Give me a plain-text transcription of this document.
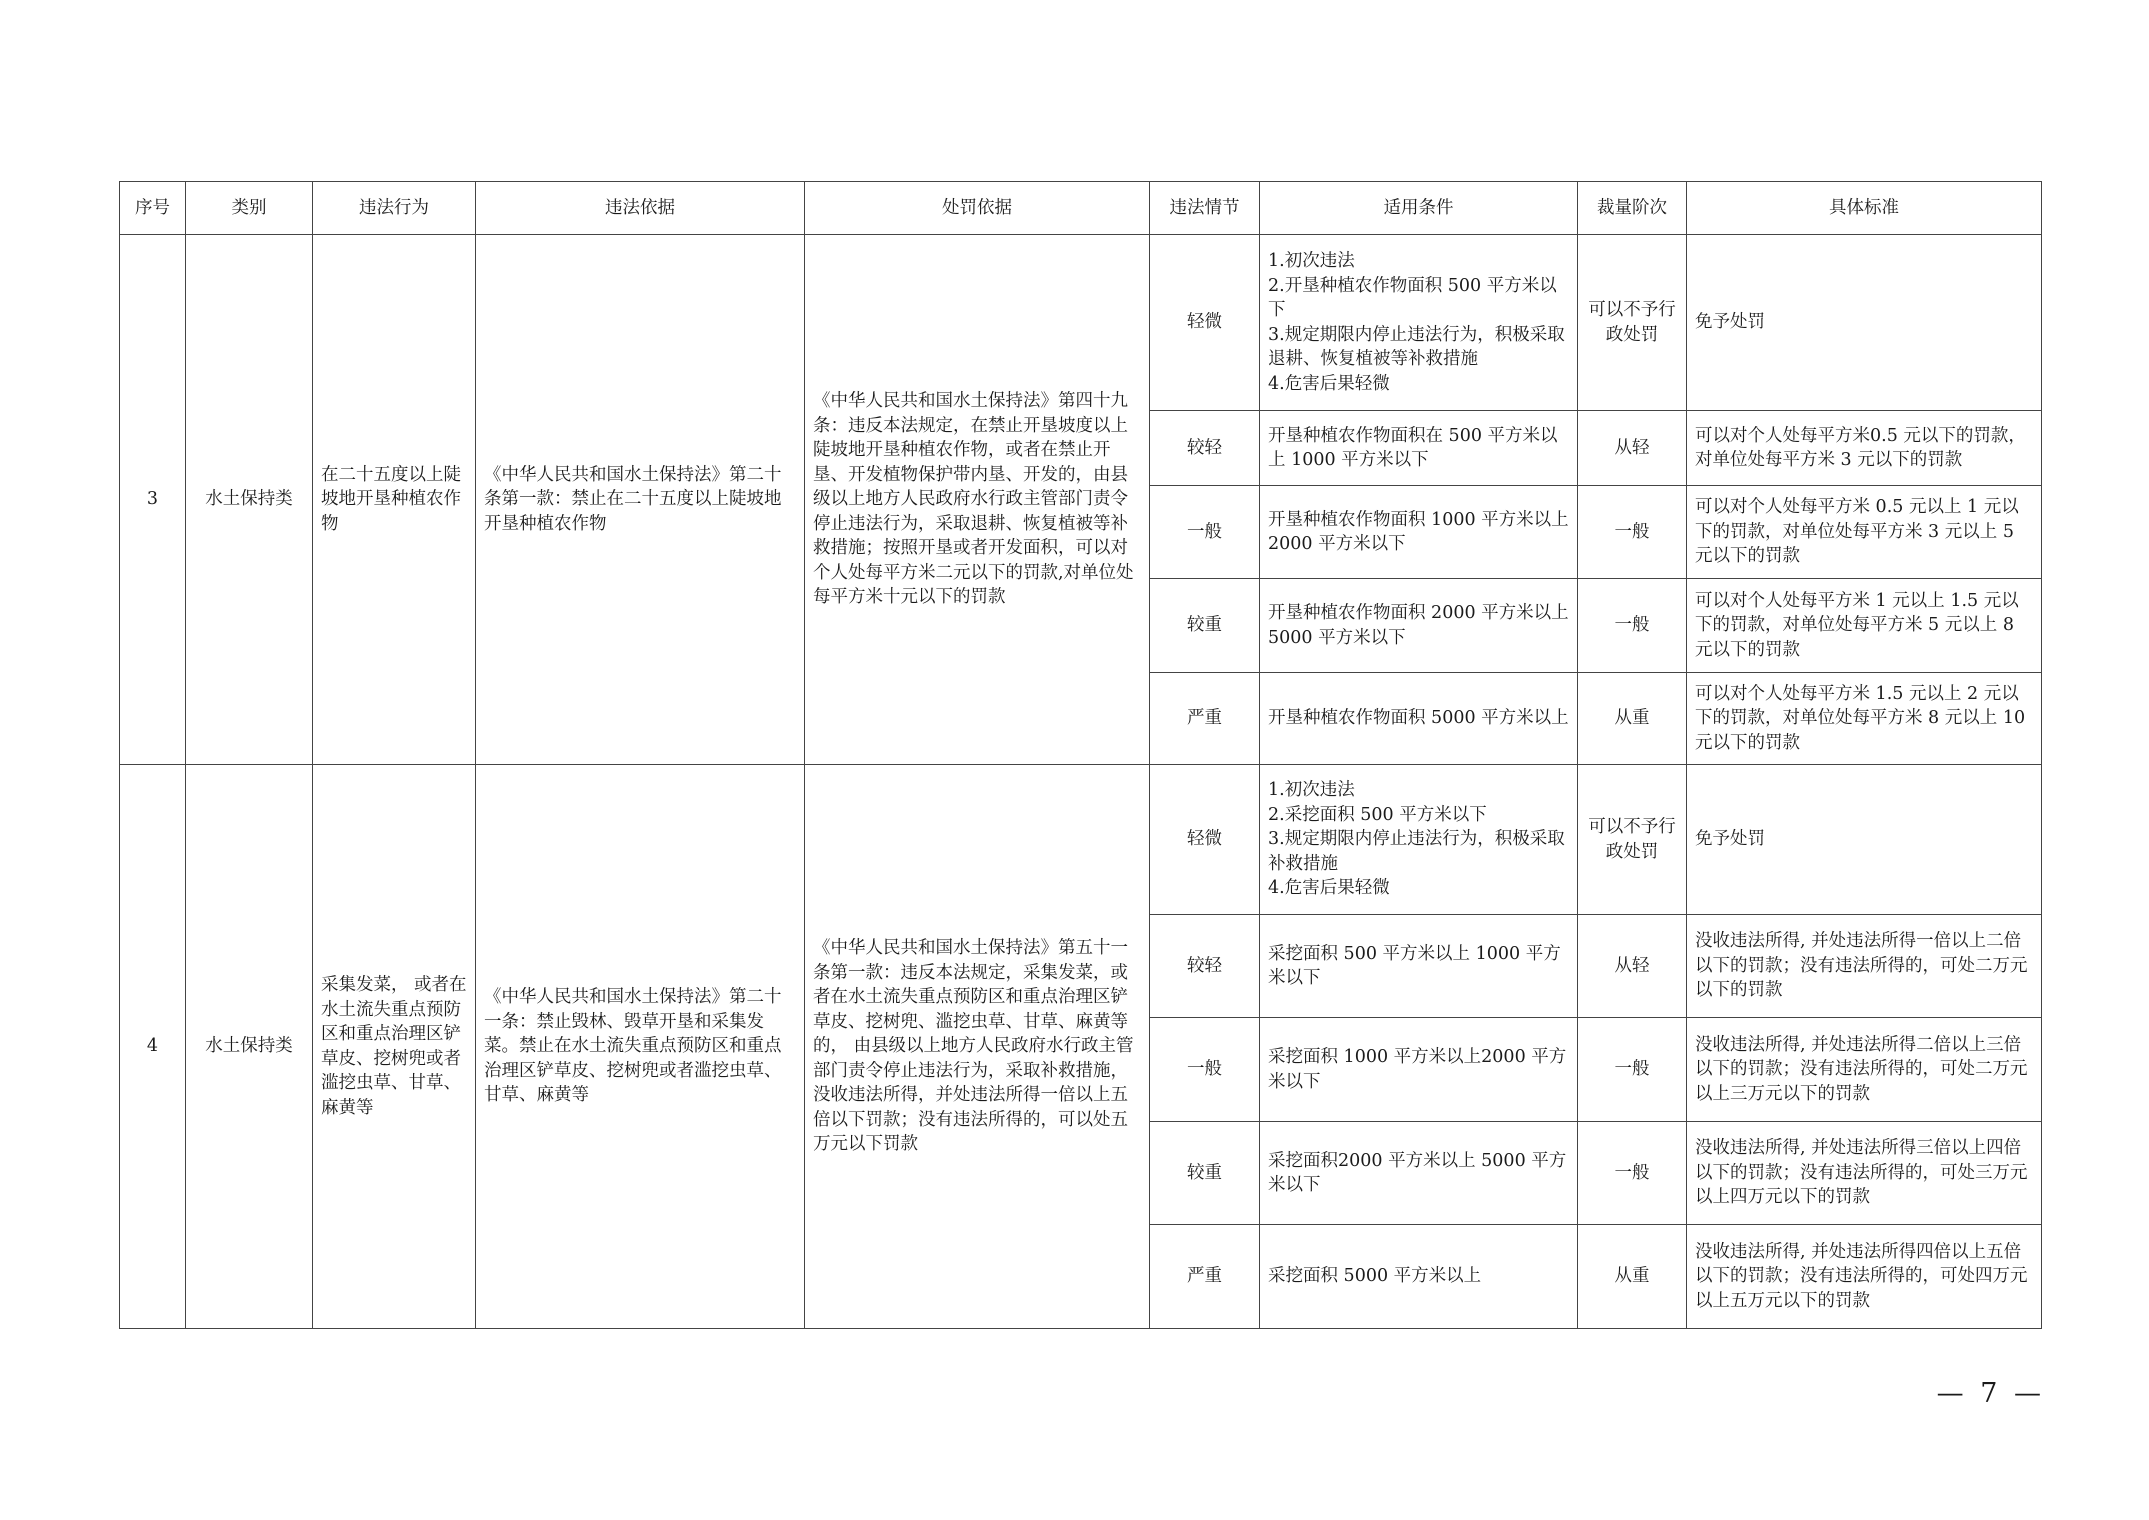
序号	类别	违法行为	违法依据	处罚依据	违法情节	适用条件	裁量阶次	具体标准
3	水土保持类	在二十五度以上陡坡地开垦种植农作物	《中华人民共和国水土保持法》第二十条第一款：禁止在二十五度以上陡坡地开垦种植农作物	《中华人民共和国水土保持法》第四十九条：违反本法规定，在禁止开垦坡度以上陡坡地开垦种植农作物，或者在禁止开垦、开发植物保护带内垦、开发的，由县级以上地方人民政府水行政主管部门责令停止违法行为，采取退耕、恢复植被等补救措施；按照开垦或者开发面积，可以对个人处每平方米二元以下的罚款,对单位处每平方米十元以下的罚款	轻微	1.初次违法
2.开垦种植农作物面积 500 平方米以下
3.规定期限内停止违法行为，积极采取退耕、恢复植被等补救措施
4.危害后果轻微	可以不予行政处罚	免予处罚
					较轻	开垦种植农作物面积在 500 平方米以上 1000 平方米以下	从轻	可以对个人处每平方米0.5 元以下的罚款，对单位处每平方米 3 元以下的罚款
					一般	开垦种植农作物面积 1000 平方米以上 2000 平方米以下	一般	可以对个人处每平方米 0.5 元以上 1 元以下的罚款，对单位处每平方米 3 元以上 5 元以下的罚款
					较重	开垦种植农作物面积 2000 平方米以上 5000 平方米以下	一般	可以对个人处每平方米 1 元以上 1.5 元以下的罚款，对单位处每平方米 5 元以上 8 元以下的罚款
					严重	开垦种植农作物面积 5000 平方米以上	从重	可以对个人处每平方米 1.5 元以上 2 元以下的罚款，对单位处每平方米 8 元以上 10 元以下的罚款
4	水土保持类	采集发菜， 或者在水土流失重点预防区和重点治理区铲草皮、挖树兜或者滥挖虫草、甘草、麻黄等	《中华人民共和国水土保持法》第二十一条：禁止毁林、毁草开垦和采集发菜。禁止在水土流失重点预防区和重点治理区铲草皮、挖树兜或者滥挖虫草、甘草、麻黄等	《中华人民共和国水土保持法》第五十一条第一款：违反本法规定，采集发菜，或者在水土流失重点预防区和重点治理区铲草皮、挖树兜、滥挖虫草、甘草、麻黄等的， 由县级以上地方人民政府水行政主管部门责令停止违法行为，采取补救措施，没收违法所得，并处违法所得一倍以上五倍以下罚款；没有违法所得的，可以处五万元以下罚款	轻微	1.初次违法
2.采挖面积 500 平方米以下
3.规定期限内停止违法行为，积极采取补救措施
4.危害后果轻微	可以不予行政处罚	免予处罚
					较轻	采挖面积 500 平方米以上 1000 平方米以下	从轻	没收违法所得, 并处违法所得一倍以上二倍以下的罚款；没有违法所得的，可处二万元以下的罚款
					一般	采挖面积 1000 平方米以上2000 平方米以下	一般	没收违法所得, 并处违法所得二倍以上三倍以下的罚款；没有违法所得的，可处二万元以上三万元以下的罚款
					较重	采挖面积2000 平方米以上 5000 平方米以下	一般	没收违法所得, 并处违法所得三倍以上四倍以下的罚款；没有违法所得的，可处三万元以上四万元以下的罚款
					严重	采挖面积 5000 平方米以上	从重	没收违法所得, 并处违法所得四倍以上五倍以下的罚款；没有违法所得的，可处四万元以上五万元以下的罚款
— 7 —
